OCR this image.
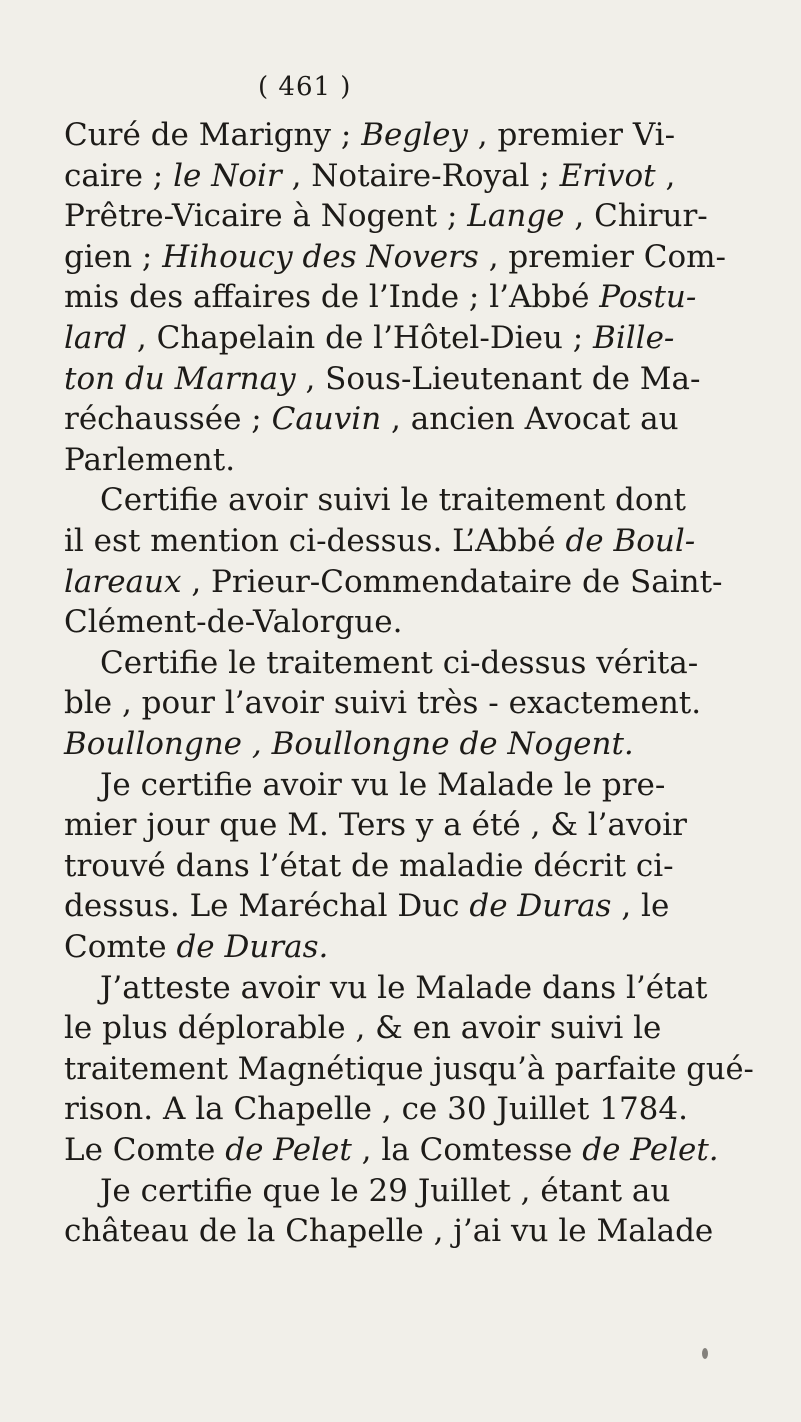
( 461 )
Curé de Marigny ; Begley , premier Vi-
caire ; le Noir , Notaire-Royal ; Erivot ,
Prêtre-Vicaire à Nogent ; Lange , Chirur-
gien ; Hihoucy des Novers , premier Com-
mis des affaires de l’Inde ; l’Abbé Postu-
lard , Chapelain de l’Hôtel-Dieu ; Bille-
ton du Marnay , Sous-Lieutenant de Ma-
réchaussée ; Cauvin , ancien Avocat au
Parlement.
Certifie avoir suivi le traitement dont
il est mention ci-dessus. L’Abbé de Boul-
lareaux , Prieur-Commendataire de Saint-
Clément-de-Valorgue.
Certifie le traitement ci-dessus vérita-
ble , pour l’avoir suivi très - exactement.
Boullongne , Boullongne de Nogent.
Je certifie avoir vu le Malade le pre-
mier jour que M. Ters y a été , & l’avoir
trouvé dans l’état de maladie décrit ci-
dessus. Le Maréchal Duc de Duras , le
Comte de Duras.
J’atteste avoir vu le Malade dans l’état
le plus déplorable , & en avoir suivi le
traitement Magnétique jusqu’à parfaite gué-
rison. A la Chapelle , ce 30 Juillet 1784.
Le Comte de Pelet , la Comtesse de Pelet.
Je certifie que le 29 Juillet , étant au
château de la Chapelle , j’ai vu le Malade
